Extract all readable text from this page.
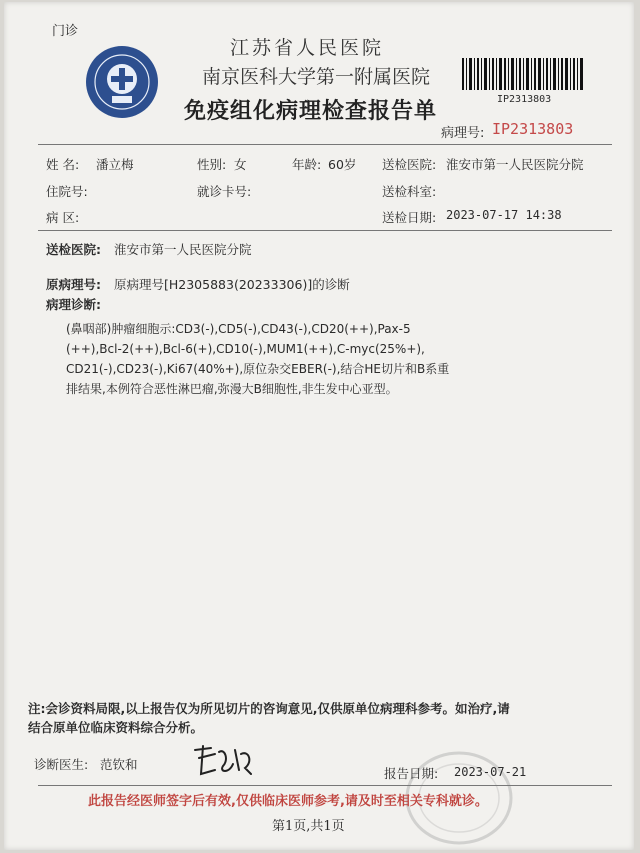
门诊
江苏省人民医院
南京医科大学第一附属医院
免疫组化病理检查报告单	IP2313803
病理号: IP2313803
姓 名: 潘立梅	性别: 女	年龄: 60岁 送检医院: 淮安市第一人民医院分院
住院号:	就诊卡号:	送检科室:
病 区:	送检日期: 2023-07-17 14:38
送检医院: 淮安市第一人民医院分院
原病理号: 原病理号[H2305883(20233306)]的诊断
病理诊断:
(鼻咽部)肿瘤细胞示:CD3(-),CD5(-),CD43(-),CD20(++),Pax-5
(++),Bcl-2(++),Bcl-6(+),CD10(-),MUM1(++),C-myc(25%+),
CD21(-),CD23(-),Ki67(40%+),原位杂交EBER(-),结合HE切片和B系重
排结果,本例符合恶性淋巴瘤,弥漫大B细胞性,非生发中心亚型。
注:会诊资料局限,以上报告仅为所见切片的咨询意见,仅供原单位病理科参考。如治疗,请
结合原单位临床资料综合分析。
诊断医生: 范钦和
报告日期: 2023-07-21
此报告经医师签字后有效,仅供临床医师参考,请及时至相关专科就诊。
第1页,共1页
